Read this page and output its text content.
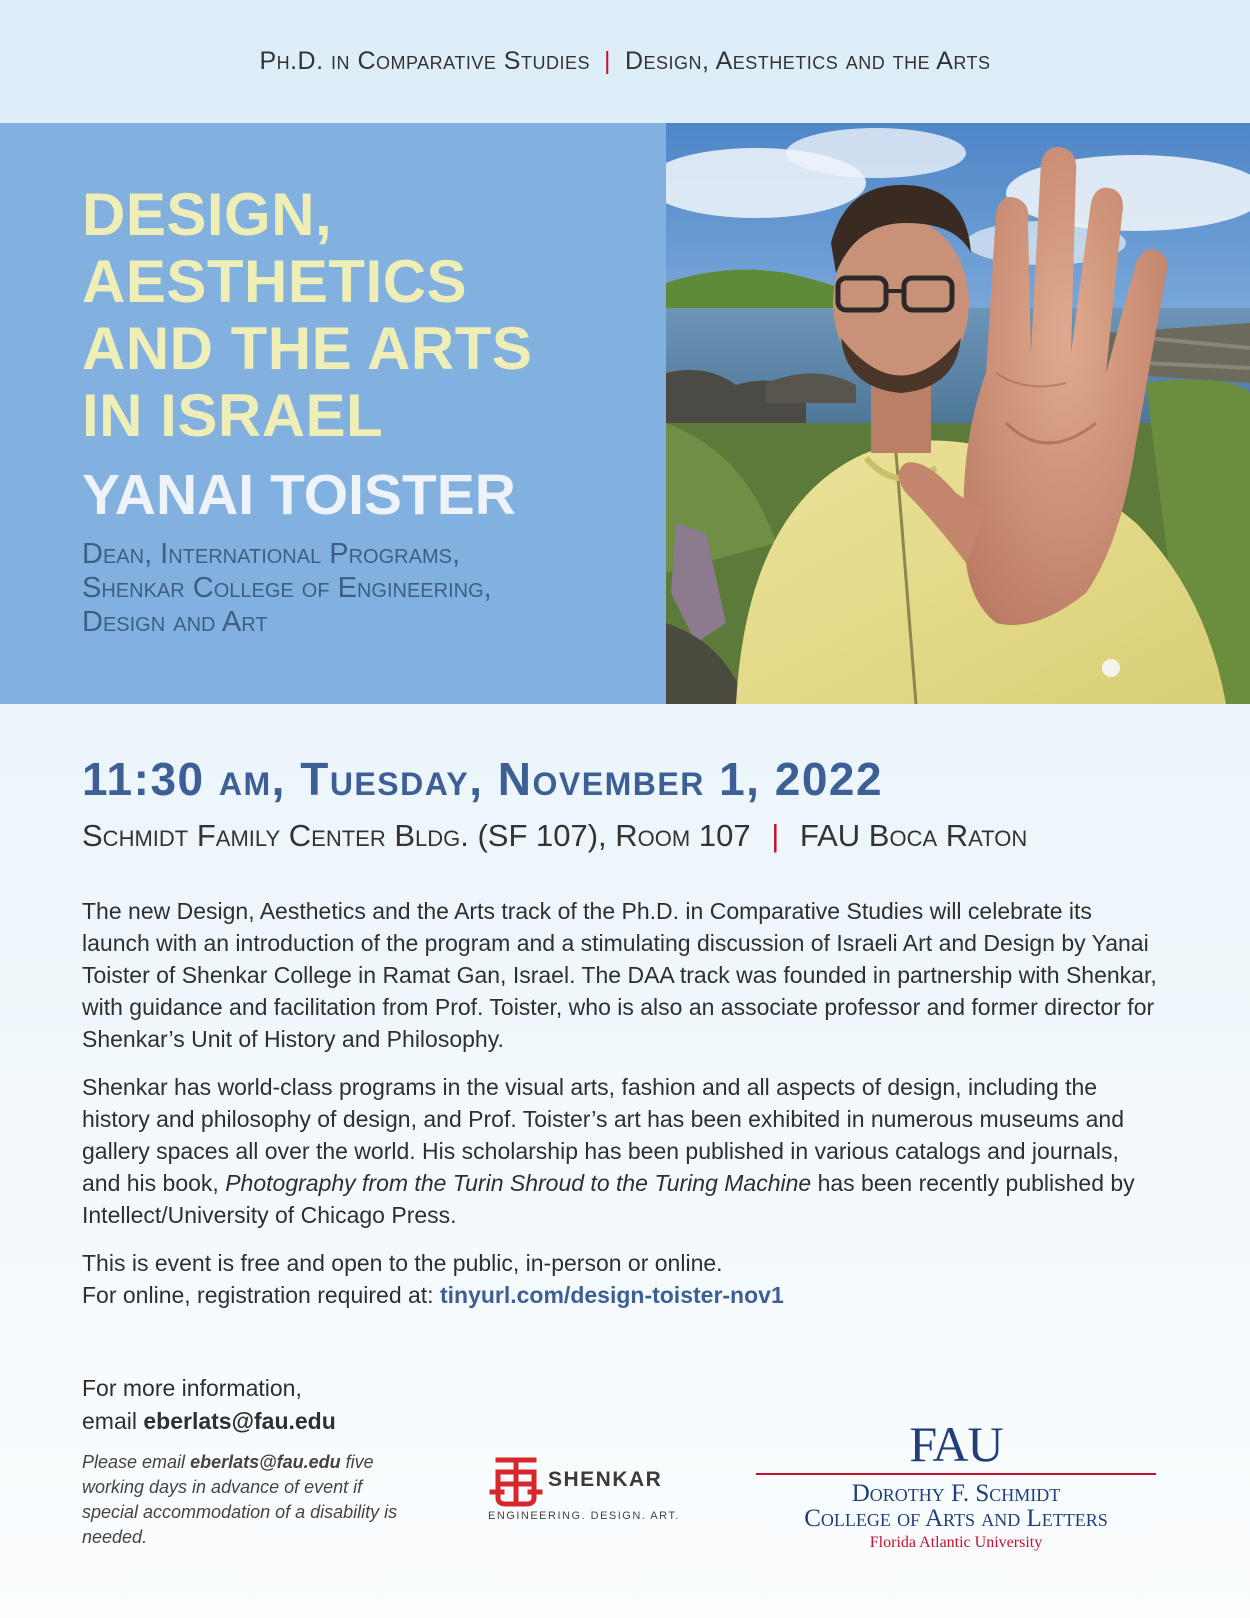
Ph.D. in Comparative Studies | Design, Aesthetics and the Arts
DESIGN,
AESTHETICS
AND THE ARTS
IN ISRAEL
YANAI TOISTER
Dean, International Programs,
Shenkar College of Engineering,
Design and Art
11:30 am, Tuesday, November 1, 2022
Schmidt Family Center Bldg. (SF 107), Room 107 | FAU Boca Raton

The new Design, Aesthetics and the Arts track of the Ph.D. in Comparative Studies will celebrate its launch with an introduction of the program and a stimulating discussion of Israeli Art and Design by Yanai Toister of Shenkar College in Ramat Gan, Israel. The DAA track was founded in partnership with Shenkar, with guidance and facilitation from Prof. Toister, who is also an associate professor and former director for Shenkar’s Unit of History and Philosophy.

Shenkar has world-class programs in the visual arts, fashion and all aspects of design, including the history and philosophy of design, and Prof. Toister’s art has been exhibited in numerous museums and gallery spaces all over the world. His scholarship has been published in various catalogs and journals, and his book, Photography from the Turin Shroud to the Turing Machine has been recently published by Intellect/University of Chicago Press.

This is event is free and open to the public, in-person or online.
For online, registration required at: tinyurl.com/design-toister-nov1

For more information,
email eberlats@fau.edu
Please email eberlats@fau.edu five working days in advance of event if special accommodation of a disability is needed.
SHENKAR
ENGINEERING. DESIGN. ART.
FAU
Dorothy F. Schmidt
College of Arts and Letters
Florida Atlantic University
